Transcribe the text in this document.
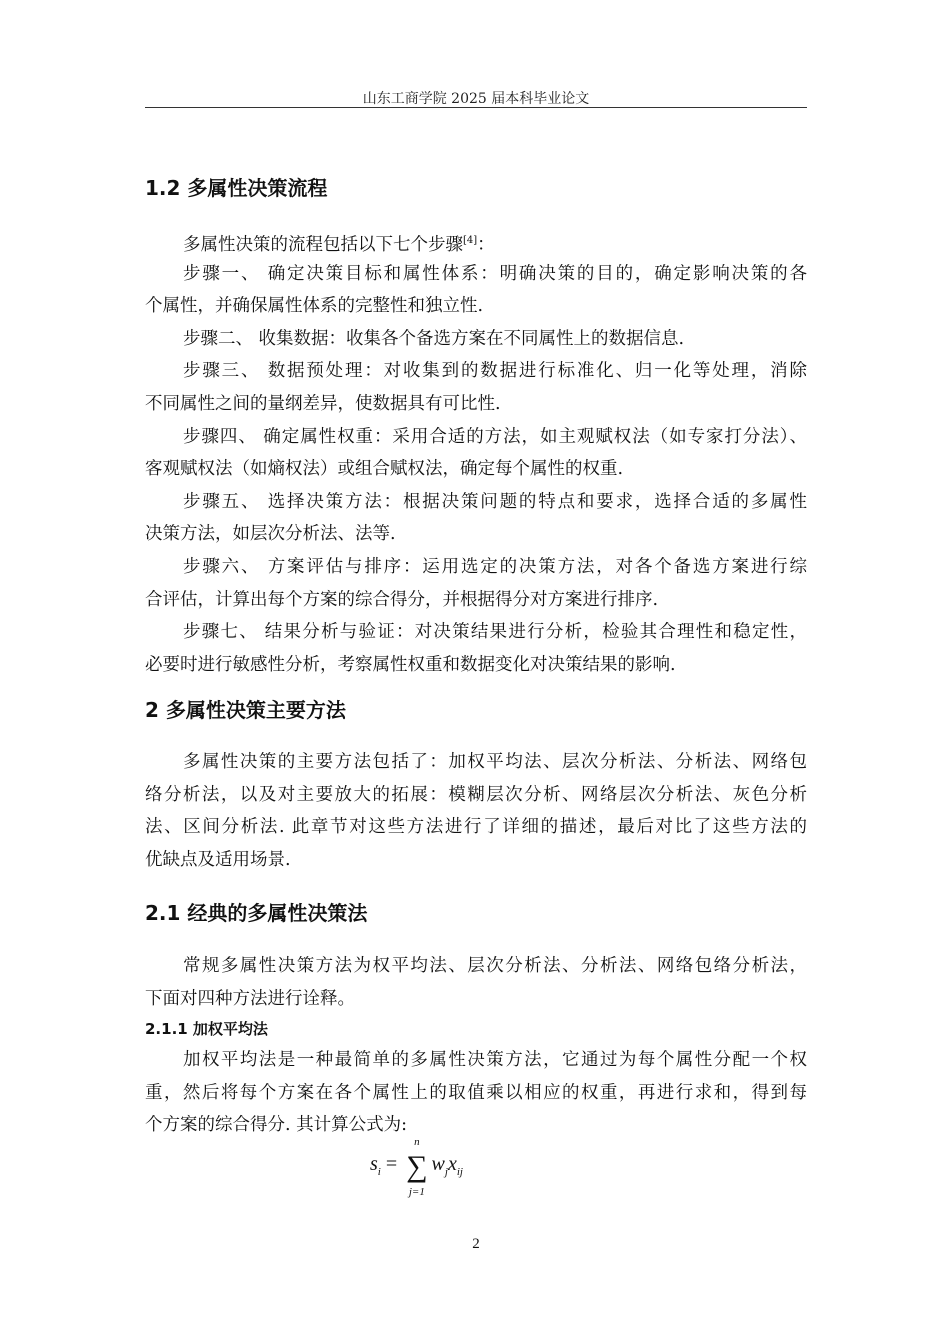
山东工商学院 2025 届本科毕业论文
1.2 多属性决策流程
多属性决策的流程包括以下七个步骤[4]：
步骤一、 确定决策目标和属性体系：明确决策的目的，确定影响决策的各
个属性，并确保属性体系的完整性和独立性.
步骤二、 收集数据：收集各个备选方案在不同属性上的数据信息.
步骤三、 数据预处理：对收集到的数据进行标准化、归一化等处理，消除
不同属性之间的量纲差异，使数据具有可比性.
步骤四、 确定属性权重：采用合适的方法，如主观赋权法（如专家打分法）、
客观赋权法（如熵权法）或组合赋权法，确定每个属性的权重.
步骤五、 选择决策方法：根据决策问题的特点和要求，选择合适的多属性
决策方法，如层次分析法、法等.
步骤六、 方案评估与排序：运用选定的决策方法，对各个备选方案进行综
合评估，计算出每个方案的综合得分，并根据得分对方案进行排序.
步骤七、 结果分析与验证：对决策结果进行分析，检验其合理性和稳定性，
必要时进行敏感性分析，考察属性权重和数据变化对决策结果的影响.
2 多属性决策主要方法
多属性决策的主要方法包括了：加权平均法、层次分析法、分析法、网络包
络分析法，以及对主要放大的拓展：模糊层次分析、网络层次分析法、灰色分析
法、区间分析法. 此章节对这些方法进行了详细的描述，最后对比了这些方法的
优缺点及适用场景.
2.1 经典的多属性决策法
常规多属性决策方法为权平均法、层次分析法、分析法、网络包络分析法，
下面对四种方法进行诠释。
2.1.1 加权平均法
加权平均法是一种最简单的多属性决策方法，它通过为每个属性分配一个权
重，然后将每个方案在各个属性上的取值乘以相应的权重，再进行求和，得到每
个方案的综合得分. 其计算公式为:
$s_i$ =
n
∑
j=1
$w_jx_{ij}$
2
